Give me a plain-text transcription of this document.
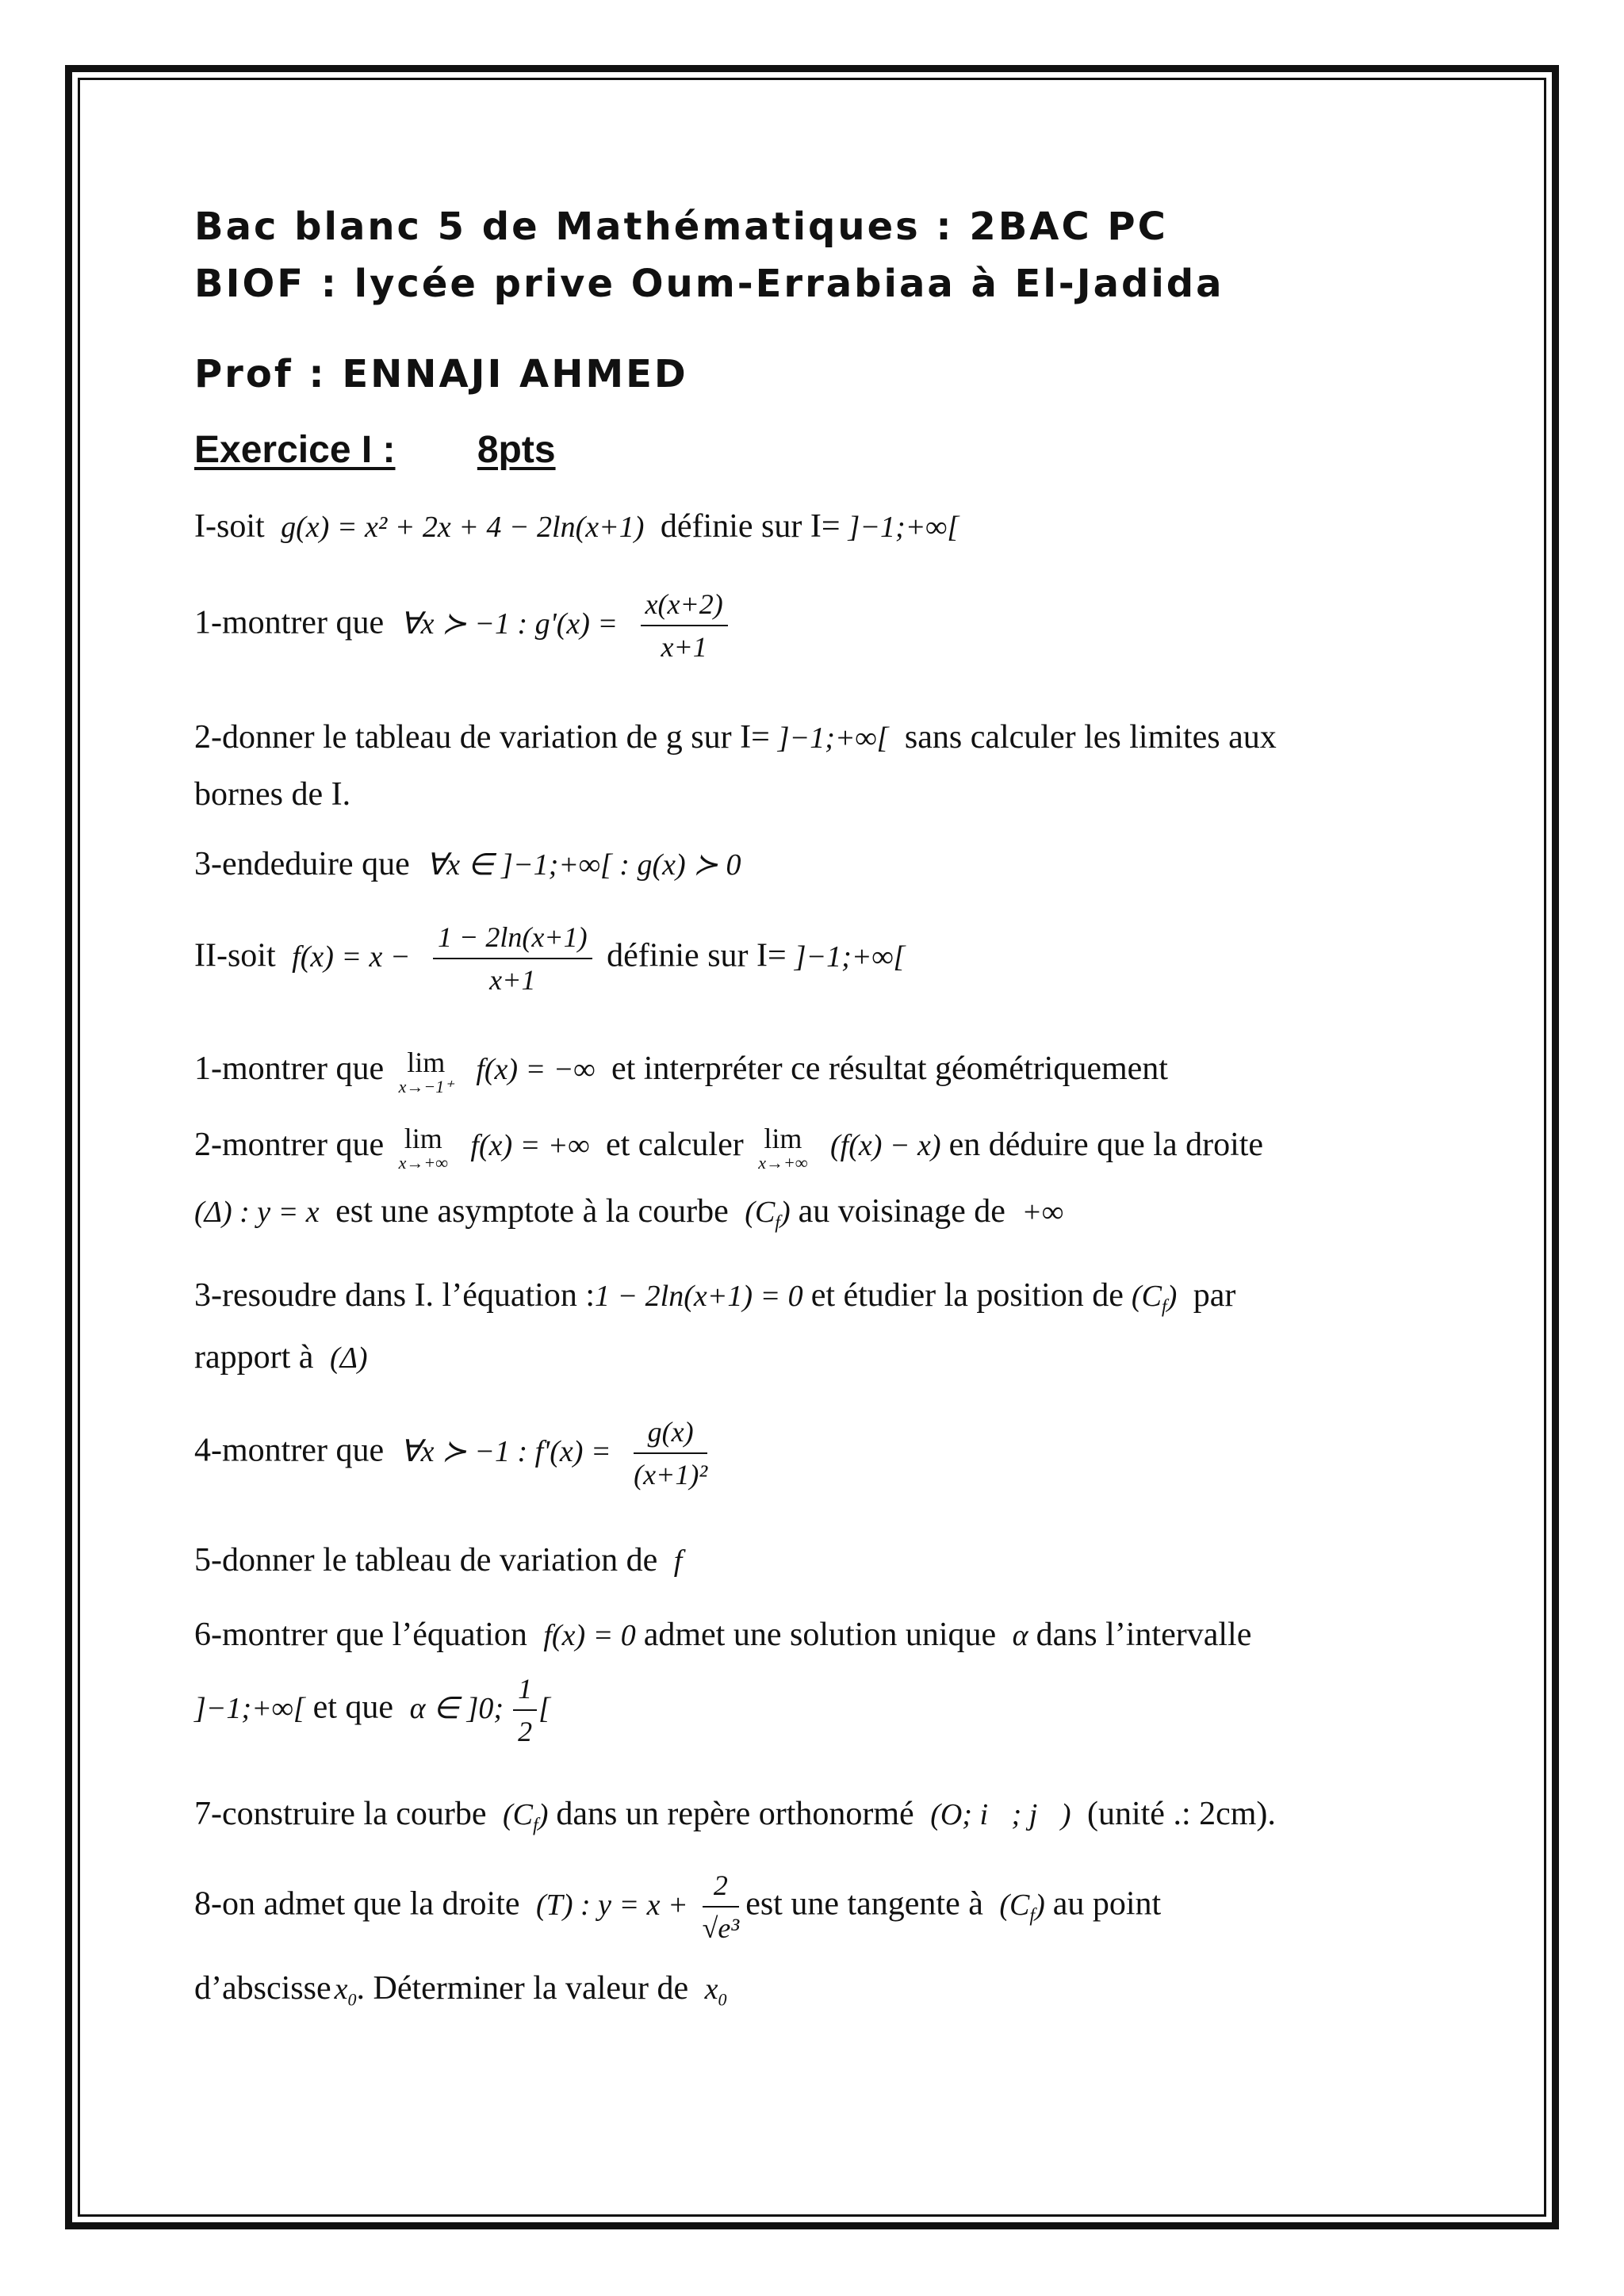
Bac blanc 5 de Mathématiques : 2BAC PC
BIOF : lycée prive Oum-Errabiaa à El-Jadida
Prof : ENNAJI AHMED
Exercice I : 8pts
I-soit g(x) = x² + 2x + 4 − 2ln(x+1) définie sur I= ]−1;+∞[
1-montrer que ∀x ≻ −1 : $g'(x) = \frac{x(x+2)}{x+1}$
2-donner le tableau de variation de g sur I= ]−1;+∞[ sans calculer les limites aux
bornes de I.
3-endeduire que ∀x ∈ ]−1;+∞[ : g(x) ≻ 0
II-soit $f(x) = x - \frac{1 - 2\ln(x+1)}{x+1}$ définie sur I= ]−1;+∞[
1-montrer que lim
x→−1⁺
f(x) = −∞ et interpréter ce résultat géométriquement
2-montrer que lim
x→+∞
f(x) = +∞ et calculer lim
x→+∞
(f(x) − x) en déduire que la droite
(Δ) : y = x est une asymptote à la courbe $(C_f)$ au voisinage de +∞
3-resoudre dans I. l’équation :1 − 2ln(x+1) = 0 et étudier la position de $(C_f)$ par
rapport à (Δ)
4-montrer que ∀x ≻ −1 : $f'(x) = \frac{g(x)}{\text{(x+1)²}}$
5-donner le tableau de variation de f
6-montrer que l’équation f(x) = 0 admet une solution unique α dans l’intervalle
]−1;+∞[ et que α ∈ ]0; $\frac{1}{2}$ [
7-construire la courbe $(C_f)$ dans un repère orthonormé (O; i⃗; j⃗) (unité .: 2cm).
8-on admet que la droite (T) : $y = x + \frac{2}{\text{√e³}}$ est une tangente à $(C_f)$ au point
d’abscisse $x_0$. Déterminer la valeur de $x_0$
